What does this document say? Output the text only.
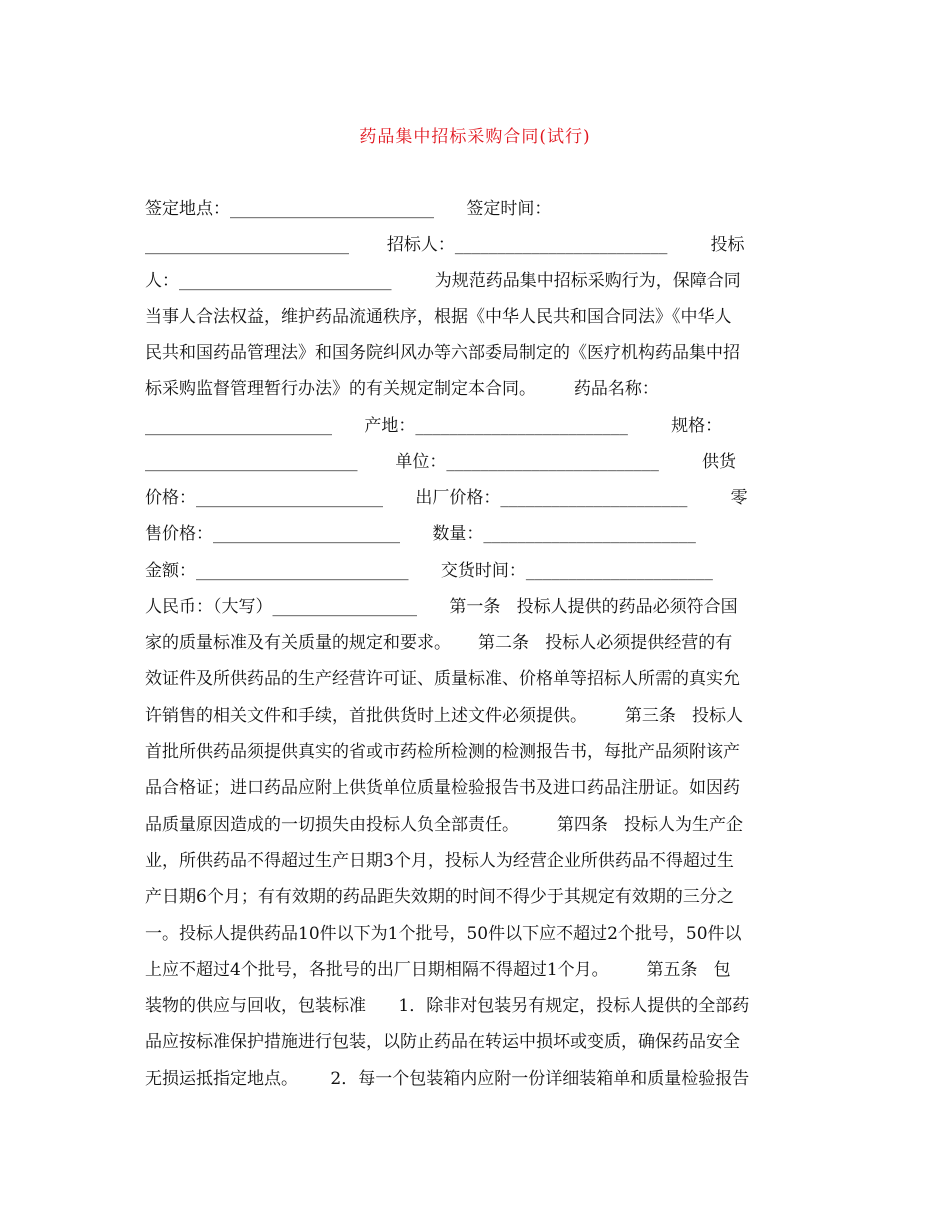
药品集中招标采购合同(试行)
签定地点：________________________      签定时间：
________________________       招标人：_________________________        投标
人：_________________________        为规范药品集中招标采购行为，保障合同
当事人合法权益，维护药品流通秩序，根据《中华人民共和国合同法》《中华人
民共和国药品管理法》和国务院纠风办等六部委局制定的《医疗机构药品集中招
标采购监督管理暂行办法》的有关规定制定本合同。       药品名称：
______________________      产地：_________________________        规格：
_________________________       单位：_________________________        供货
价格：______________________      出厂价格：______________________        零
售价格：______________________      数量：_________________________
金额：_________________________      交货时间：______________________
人民币：（大写）_________________      第一条   投标人提供的药品必须符合国
家的质量标准及有关质量的规定和要求。     第二条   投标人必须提供经营的有
效证件及所供药品的生产经营许可证、质量标准、价格单等招标人所需的真实允
许销售的相关文件和手续，首批供货时上述文件必须提供。       第三条   投标人
首批所供药品须提供真实的省或市药检所检测的检测报告书，每批产品须附该产
品合格证；进口药品应附上供货单位质量检验报告书及进口药品注册证。如因药
品质量原因造成的一切损失由投标人负全部责任。       第四条   投标人为生产企
业，所供药品不得超过生产日期3个月，投标人为经营企业所供药品不得超过生
产日期6个月；有有效期的药品距失效期的时间不得少于其规定有效期的三分之
一。投标人提供药品10件以下为1个批号，50件以下应不超过2个批号，50件以
上应不超过4个批号，各批号的出厂日期相隔不得超过1个月。       第五条   包
装物的供应与回收，包装标准      1．除非对包装另有规定，投标人提供的全部药
品应按标准保护措施进行包装，以防止药品在转运中损坏或变质，确保药品安全
无损运抵指定地点。      2．每一个包装箱内应附一份详细装箱单和质量检验报告
